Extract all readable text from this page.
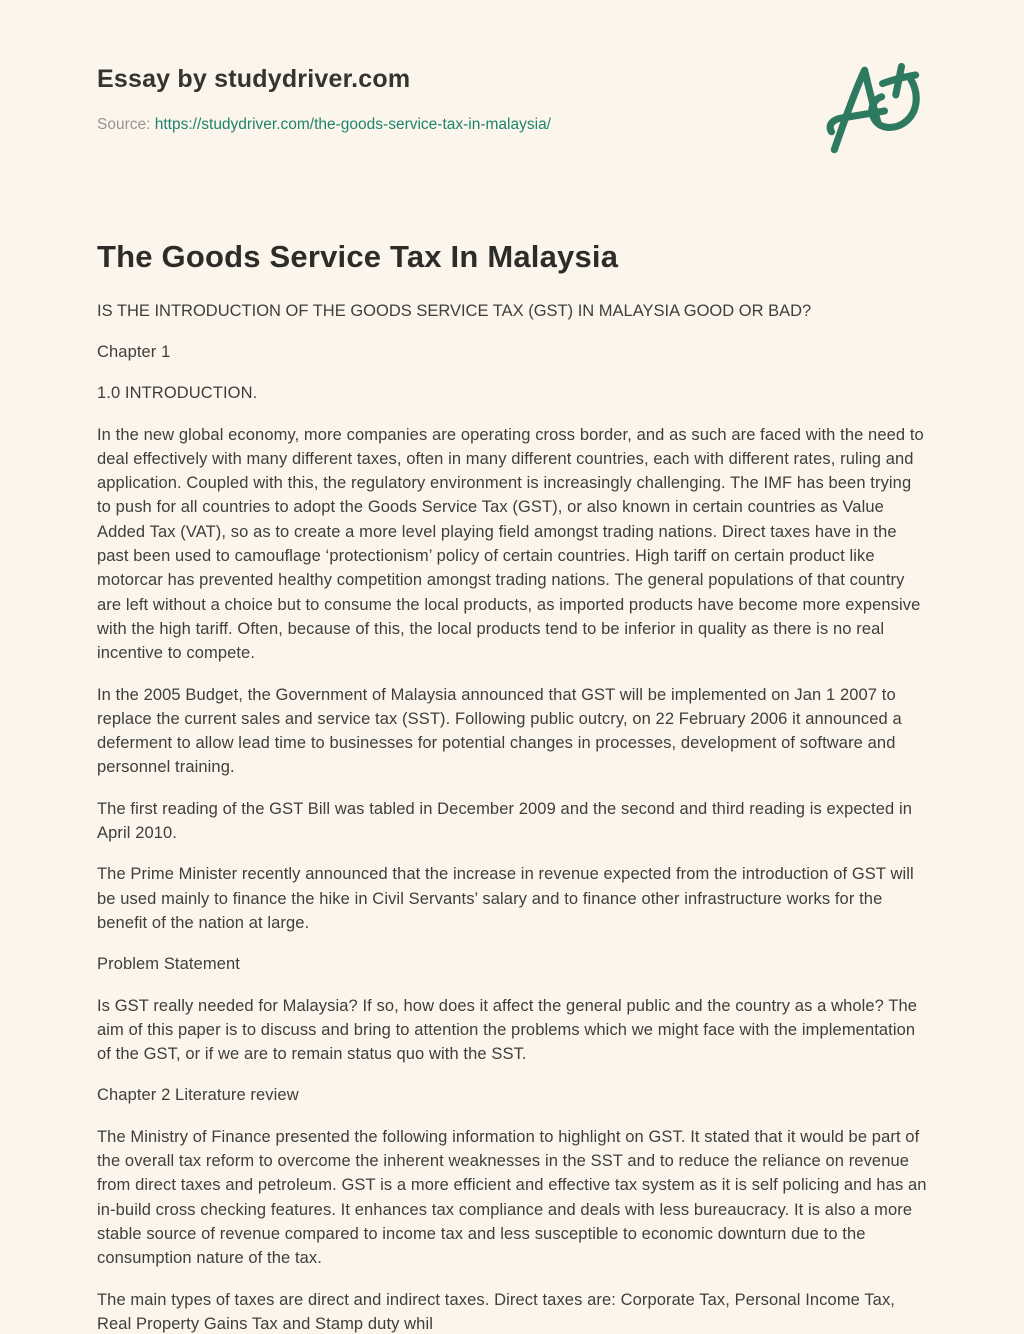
Essay by studydriver.com

Source: https://studydriver.com/the-goods-service-tax-in-malaysia/

The Goods Service Tax In Malaysia

IS THE INTRODUCTION OF THE GOODS SERVICE TAX (GST) IN MALAYSIA GOOD OR BAD?

Chapter 1

1.0 INTRODUCTION.

In the new global economy, more companies are operating cross border, and as such are faced with the need to deal effectively with many different taxes, often in many different countries, each with different rates, ruling and application. Coupled with this, the regulatory environment is increasingly challenging. The IMF has been trying to push for all countries to adopt the Goods Service Tax (GST), or also known in certain countries as Value Added Tax (VAT), so as to create a more level playing field amongst trading nations. Direct taxes have in the past been used to camouflage ‘protectionism’ policy of certain countries. High tariff on certain product like motorcar has prevented healthy competition amongst trading nations. The general populations of that country are left without a choice but to consume the local products, as imported products have become more expensive with the high tariff. Often, because of this, the local products tend to be inferior in quality as there is no real incentive to compete.

In the 2005 Budget, the Government of Malaysia announced that GST will be implemented on Jan 1 2007 to replace the current sales and service tax (SST). Following public outcry, on 22 February 2006 it announced a deferment to allow lead time to businesses for potential changes in processes, development of software and personnel training.

The first reading of the GST Bill was tabled in December 2009 and the second and third reading is expected in April 2010.

The Prime Minister recently announced that the increase in revenue expected from the introduction of GST will be used mainly to finance the hike in Civil Servants’ salary and to finance other infrastructure works for the benefit of the nation at large.

Problem Statement

Is GST really needed for Malaysia? If so, how does it affect the general public and the country as a whole? The aim of this paper is to discuss and bring to attention the problems which we might face with the implementation of the GST, or if we are to remain status quo with the SST.

Chapter 2 Literature review

The Ministry of Finance presented the following information to highlight on GST. It stated that it would be part of the overall tax reform to overcome the inherent weaknesses in the SST and to reduce the reliance on revenue from direct taxes and petroleum. GST is a more efficient and effective tax system as it is self policing and has an in-build cross checking features. It enhances tax compliance and deals with less bureaucracy. It is also a more stable source of revenue compared to income tax and less susceptible to economic downturn due to the consumption nature of the tax.

The main types of taxes are direct and indirect taxes. Direct taxes are: Corporate Tax, Personal Income Tax, Real Property Gains Tax and Stamp duty whil
